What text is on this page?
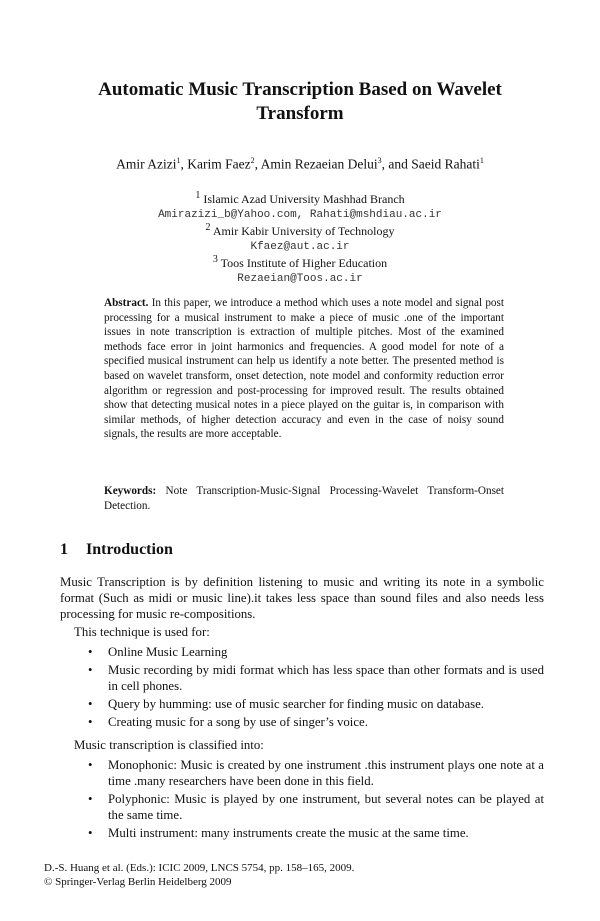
Automatic Music Transcription Based on Wavelet
Transform
Amir Azizi$^1$, Karim Faez$^2$, Amin Rezaeian Delui$^3$, and Saeid Rahati$^1$
$^1$ Islamic Azad University Mashhad Branch
Amirazizi_b@Yahoo.com, Rahati@mshdiau.ac.ir
$^2$ Amir Kabir University of Technology
Kfaez@aut.ac.ir
$^3$ Toos Institute of Higher Education
Rezaeian@Toos.ac.ir
Abstract. In this paper, we introduce a method which uses a note model and signal post processing for a musical instrument to make a piece of music .one of the important issues in note transcription is extraction of multiple pitches. Most of the examined methods face error in joint harmonics and frequencies. A good model for note of a specified musical instrument can help us identify a note better. The presented method is based on wavelet transform, onset detection, note model and conformity reduction error algorithm or regression and post-processing for improved result. The results obtained show that detecting musical notes in a piece played on the guitar is, in comparison with similar methods, of higher detection accuracy and even in the case of noisy sound signals, the results are more acceptable.
Keywords: Note Transcription-Music-Signal Processing-Wavelet Transform-Onset Detection.
1 Introduction
Music Transcription is by definition listening to music and writing its note in a symbolic format (Such as midi or music line).it takes less space than sound files and also needs less processing for music re-compositions.
This technique is used for:
• Online Music Learning
• Music recording by midi format which has less space than other formats and is used in cell phones.
• Query by humming: use of music searcher for finding music on database.
• Creating music for a song by use of singer’s voice.
Music transcription is classified into:
• Monophonic: Music is created by one instrument .this instrument plays one note at a time .many researchers have been done in this field.
• Polyphonic: Music is played by one instrument, but several notes can be played at the same time.
• Multi instrument: many instruments create the music at the same time.
D.-S. Huang et al. (Eds.): ICIC 2009, LNCS 5754, pp. 158–165, 2009.
© Springer-Verlag Berlin Heidelberg 2009
